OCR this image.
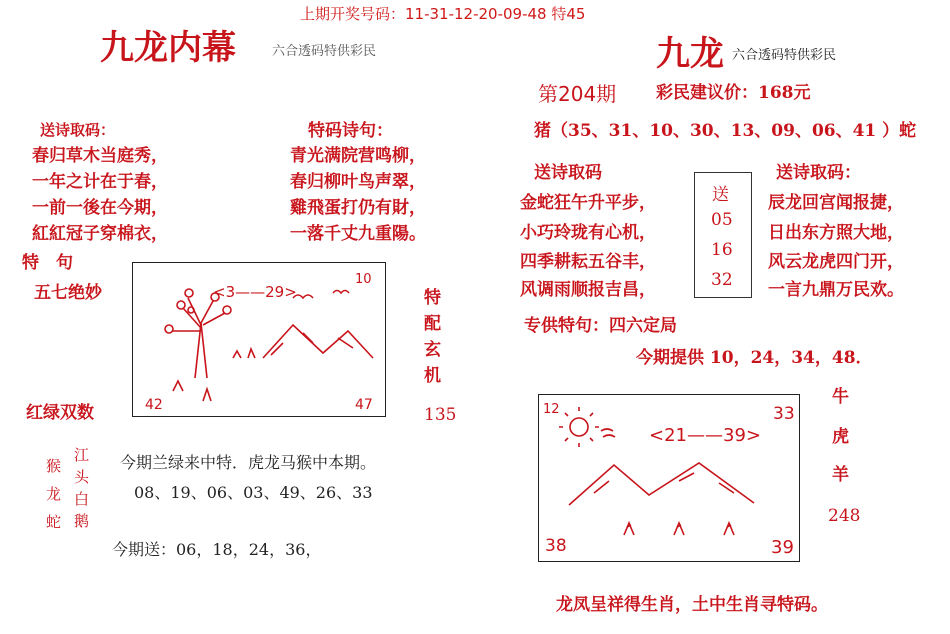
上期开奖号码：11-31-12-20-09-48 特45
九龙内幕	六合透码特供彩民
送诗取码：
春归草木当庭秀，
一年之计在于春，
一前一後在今期，
紅紅冠子穿棉衣，
特　句
五七绝妙
特码诗句：
青光满院营鸣柳，
春归柳叶鸟声翠，
雞飛蛋打仍有財，
一落千丈九重陽。
<3——29>
10
42	47
特
配
玄
机
红绿双数	135
猴
龙
蛇
江
头
白
鹅
今期兰绿来中特．虎龙马猴中本期。
08、19、06、03、49、26、33
今期送：06，18，24，36，
九龙 六合透码特供彩民
第204期 彩民建议价：168元
猪（35、31、10、30、13、09、06、41 ）蛇
送诗取码	送诗取码：
金蛇狂午升平步，
小巧玲珑有心机，
四季耕耘五谷丰，
风调雨顺报吉昌，
送
05
16
32
辰龙回宫闻报捷，
日出东方照大地，
风云龙虎四门开，
一言九鼎万民欢。
专供特句：四六定局
今期提供 10，24，34，48．
12	33
<21——39>
38	39
牛
虎
羊
248
龙凤呈祥得生肖，土中生肖寻特码。
